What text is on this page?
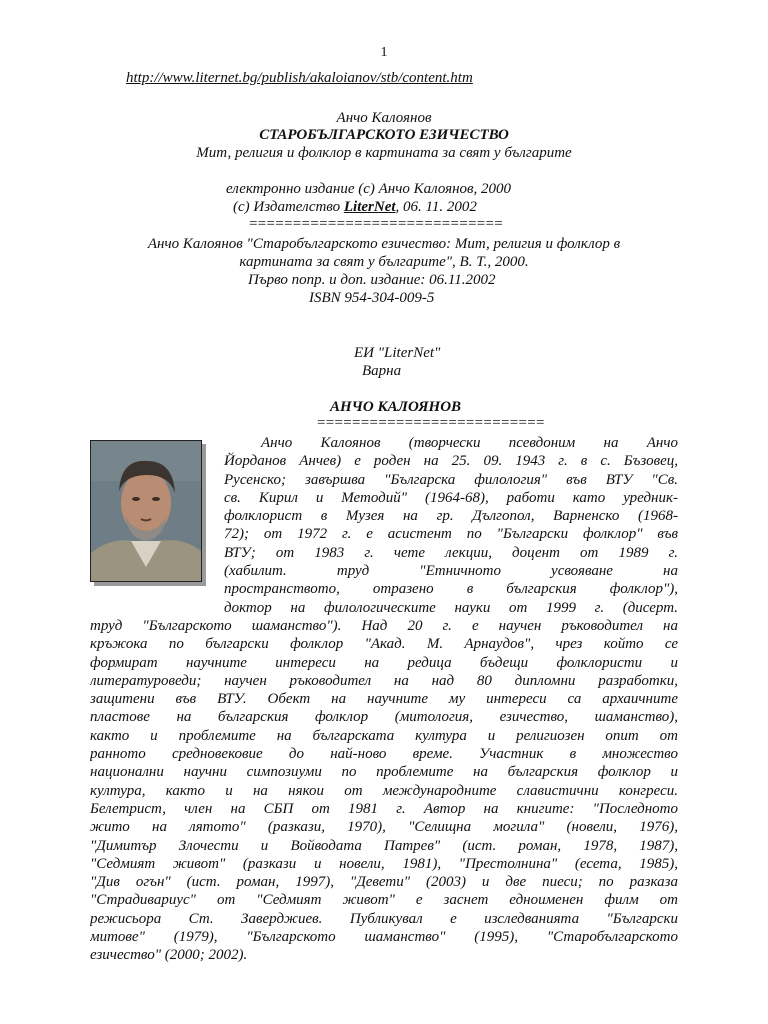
1
http://www.liternet.bg/publish/akaloianov/stb/content.htm
Анчо Калоянов
СТАРОБЪЛГАРСКОТО ЕЗИЧЕСТВО
Мит, религия и фолклор в картината за свят у българите
електронно издание (c) Анчо Калоянов, 2000
(c) Издателство LiterNet, 06. 11. 2002
=============================
Анчо Калоянов "Старобългарското езичество: Мит, религия и фолклор в
картината за свят у българите", В. Т., 2000.
Първо попр. и доп. издание: 06.11.2002
ISBN 954-304-009-5
ЕИ "LiterNet"
Варна
АНЧО КАЛОЯНОВ
==========================
Анчо Калоянов (творчески псевдоним на Анчо
Йорданов Анчев) е роден на 25. 09. 1943 г. в с. Бъзовец,
Русенско; завършва "Българска филология" във ВТУ "Св.
св. Кирил и Методий" (1964-68), работи като уредник-
фолклорист в Музея на гр. Дългопол, Варненско (1968-
72); от 1972 г. е асистент по "Български фолклор" във
ВТУ; от 1983 г. чете лекции, доцент от 1989 г.
(хабилит. труд "Етничното усвояване на
пространството, отразено в българския фолклор"),
доктор на филологическите науки от 1999 г. (дисерт.
труд "Българското шаманство"). Над 20 г. е научен ръководител на
кръжока по български фолклор "Акад. М. Арнаудов", чрез който се
формират научните интереси на редица бъдещи фолклористи и
литературоведи; научен ръководител на над 80 дипломни разработки,
защитени във ВТУ. Обект на научните му интереси са архаичните
пластове на българския фолклор (митология, езичество, шаманство),
както и проблемите на българската култура и религиозен опит от
ранното средновековие до най-ново време. Участник в множество
национални научни симпозиуми по проблемите на българския фолклор и
култура, както и на някои от международните славистични конгреси.
Белетрист, член на СБП от 1981 г. Автор на книгите: "Последното
жито на лятото" (разкази, 1970), "Селищна могила" (новели, 1976),
"Димитър Злочести и Войводата Патрев" (ист. роман, 1978, 1987),
"Седмият живот" (разкази и новели, 1981), "Престолнина" (есета, 1985),
"Див огън" (ист. роман, 1997), "Девети" (2003) и две пиеси; по разказа
"Страдивариус" от "Седмият живот" е заснет едноименен филм от
режисьора Ст. Заверджиев. Публикувал е изследванията "Български
митове" (1979), "Българското шаманство" (1995), "Старобългарското
езичество" (2000; 2002).
